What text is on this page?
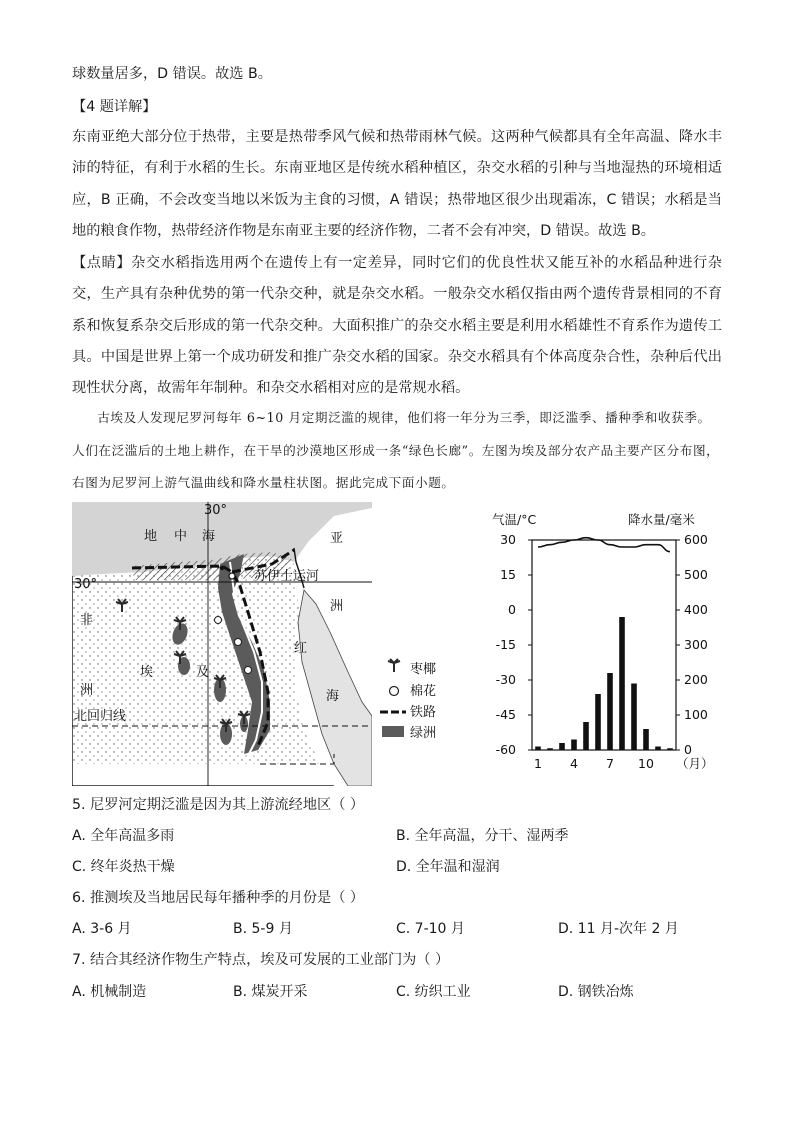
球数量居多，D 错误。故选 B。
【4 题详解】

东南亚绝大部分位于热带，主要是热带季风气候和热带雨林气候。这两种气候都具有全年高温、降水丰沛的特征，有利于水稻的生长。东南亚地区是传统水稻种植区，杂交水稻的引种与当地湿热的环境相适应，B 正确，不会改变当地以米饭为主食的习惯，A 错误；热带地区很少出现霜冻，C 错误；水稻是当地的粮食作物，热带经济作物是东南亚主要的经济作物，二者不会有冲突，D 错误。故选 B。

【点睛】杂交水稻指选用两个在遗传上有一定差异，同时它们的优良性状又能互补的水稻品种进行杂交，生产具有杂种优势的第一代杂交种，就是杂交水稻。一般杂交水稻仅指由两个遗传背景相同的不育系和恢复系杂交后形成的第一代杂交种。大面积推广的杂交水稻主要是利用水稻雄性不育系作为遗传工具。中国是世界上第一个成功研发和推广杂交水稻的国家。杂交水稻具有个体高度杂合性，杂种后代出现性状分离，故需年年制种。和杂交水稻相对应的是常规水稻。

古埃及人发现尼罗河每年 6~10 月定期泛滥的规律，他们将一年分为三季，即泛滥季、播种季和收获季。人们在泛滥后的土地上耕作，在干旱的沙漠地区形成一条“绿色长廊”。左图为埃及部分农产品主要产区分布图，右图为尼罗河上游气温曲线和降水量柱状图。据此完成下面小题。

30°
30°
地 中 海	亚
洲
非
洲
埃	及
红
海
苏伊士运河
北回归线
枣椰
棉花
铁路
绿洲
气温/°C	降水量/毫米
30
15
0
-15
-30
-45
-60
600
500
400
300
200
100
0
1 4 7 10 （月）
5. 尼罗河定期泛滥是因为其上游流经地区（ ）
A. 全年高温多雨	B. 全年高温，分干、湿两季
C. 终年炎热干燥	D. 全年温和湿润
6. 推测埃及当地居民每年播种季的月份是（ ）
A. 3-6 月	B. 5-9 月	C. 7-10 月	D. 11 月-次年 2 月
7. 结合其经济作物生产特点，埃及可发展的工业部门为（ ）
A. 机械制造	B. 煤炭开采	C. 纺织工业	D. 钢铁冶炼
